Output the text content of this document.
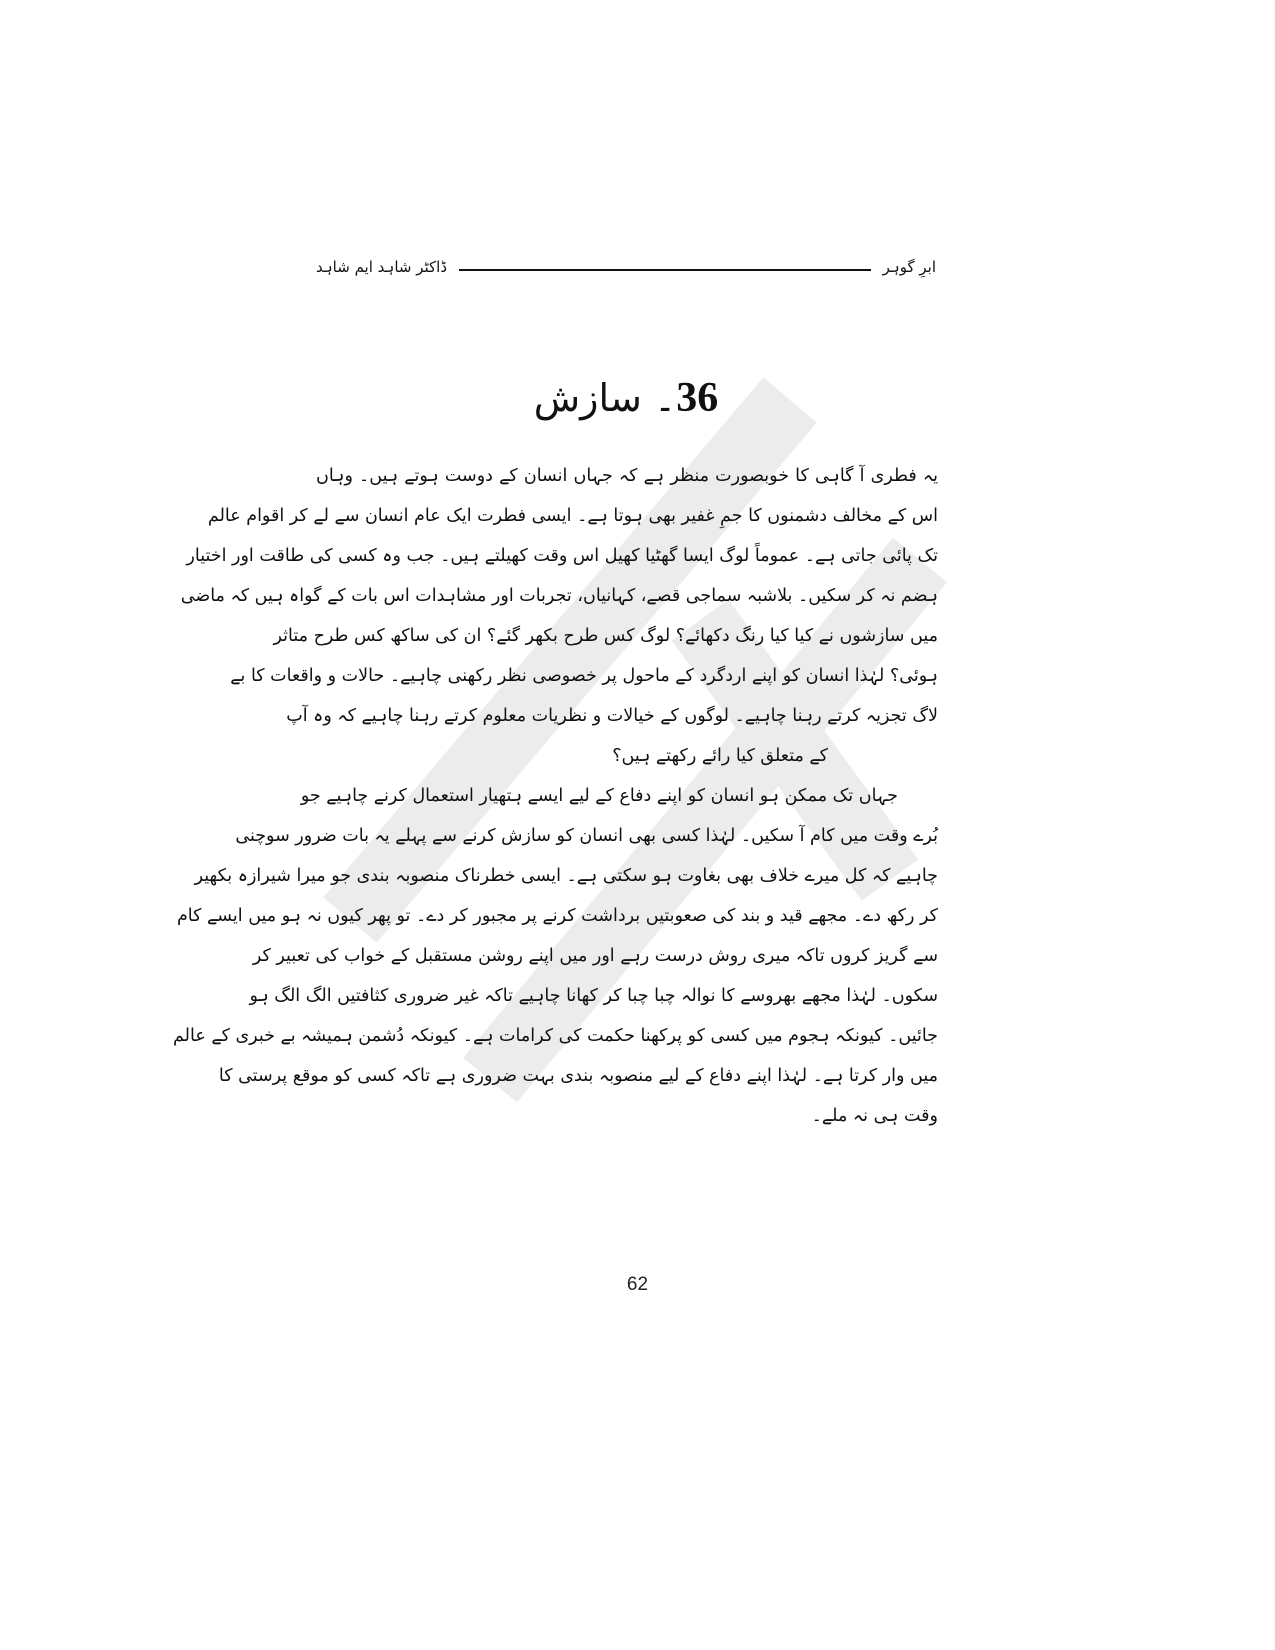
ڈاکٹر شاہد ایم شاہد	ابرِ گوہر
36۔ سازش
یہ فطری آ گاہی کا خوبصورت منظر ہے کہ جہاں انسان کے دوست ہوتے ہیں۔ وہاں
اس کے مخالف دشمنوں کا جمِ غفیر بھی ہوتا ہے۔ ایسی فطرت ایک عام انسان سے لے کر اقوام عالم
تک پائی جاتی ہے۔ عموماً لوگ ایسا گھٹیا کھیل اس وقت کھیلتے ہیں۔ جب وہ کسی کی طاقت اور اختیار
ہضم نہ کر سکیں۔ بلاشبہ سماجی قصے، کہانیاں، تجربات اور مشاہدات اس بات کے گواہ ہیں کہ ماضی
میں سازشوں نے کیا کیا رنگ دکھائے؟ لوگ کس طرح بکھر گئے؟ ان کی ساکھ کس طرح متاثر
ہوئی؟ لہٰذا انسان کو اپنے اردگرد کے ماحول پر خصوصی نظر رکھنی چاہیے۔ حالات و واقعات کا بے
لاگ تجزیہ کرتے رہنا چاہیے۔ لوگوں کے خیالات و نظریات معلوم کرتے رہنا چاہیے کہ وہ آپ
کے متعلق کیا رائے رکھتے ہیں؟
جہاں تک ممکن ہو انسان کو اپنے دفاع کے لیے ایسے ہتھیار استعمال کرنے چاہیے جو
بُرے وقت میں کام آ سکیں۔ لہٰذا کسی بھی انسان کو سازش کرنے سے پہلے یہ بات ضرور سوچنی
چاہیے کہ کل میرے خلاف بھی بغاوت ہو سکتی ہے۔ ایسی خطرناک منصوبہ بندی جو میرا شیرازہ بکھیر
کر رکھ دے۔ مجھے قید و بند کی صعوبتیں برداشت کرنے پر مجبور کر دے۔ تو پھر کیوں نہ ہو میں ایسے کام
سے گریز کروں تاکہ میری روش درست رہے اور میں اپنے روشن مستقبل کے خواب کی تعبیر کر
سکوں۔ لہٰذا مجھے بھروسے کا نوالہ چبا چبا کر کھانا چاہیے تاکہ غیر ضروری کثافتیں الگ الگ ہو
جائیں۔ کیونکہ ہجوم میں کسی کو پرکھنا حکمت کی کرامات ہے۔ کیونکہ دُشمن ہمیشہ بے خبری کے عالم
میں وار کرتا ہے۔ لہٰذا اپنے دفاع کے لیے منصوبہ بندی بہت ضروری ہے تاکہ کسی کو موقع پرستی کا
وقت ہی نہ ملے۔
62
